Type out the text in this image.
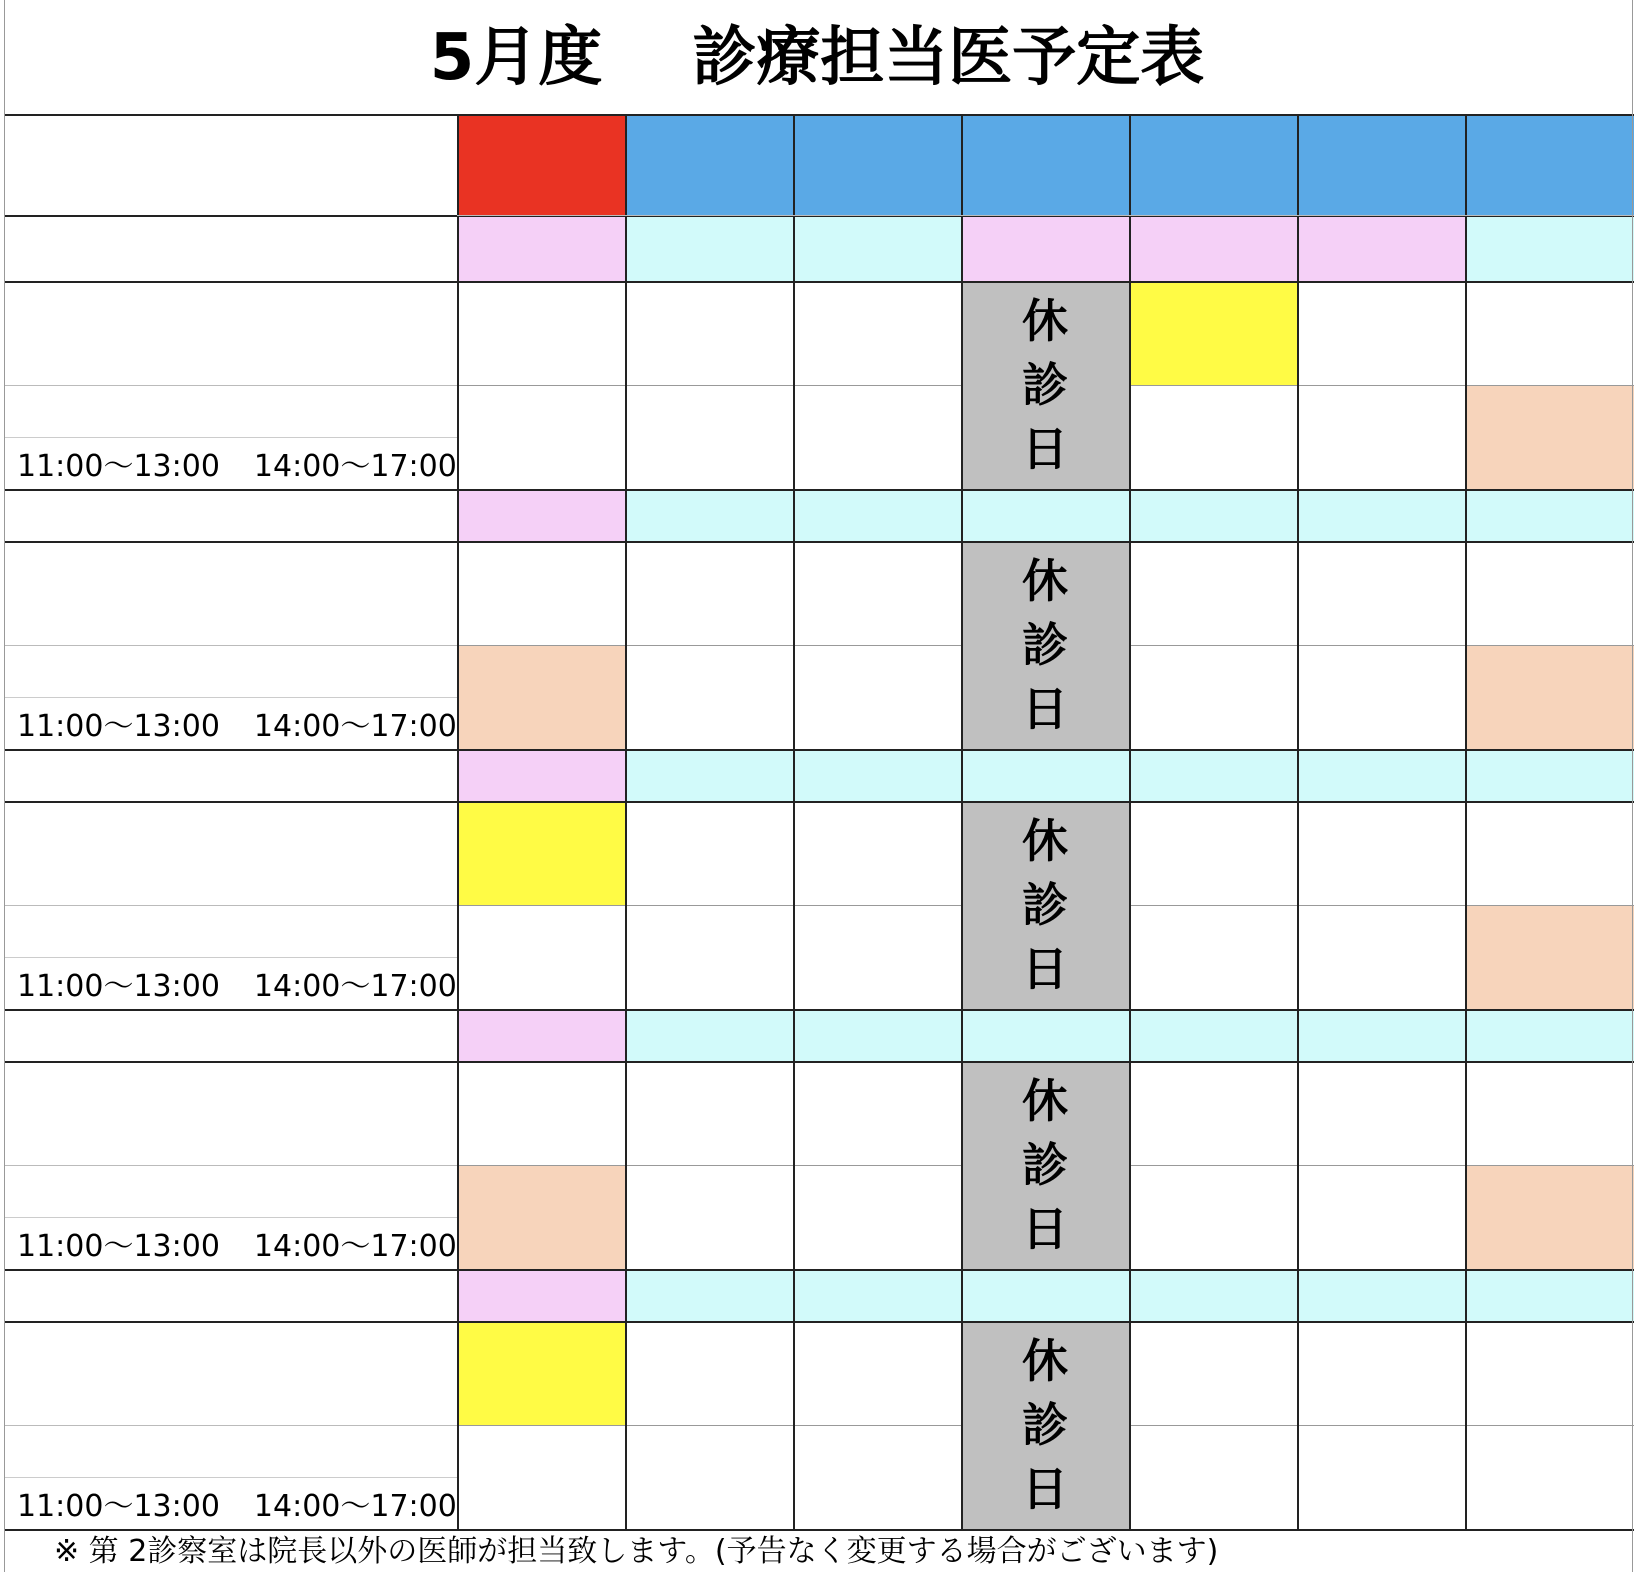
5月度 診療担当医予定表
11:00〜13:00 14:00〜17:00
休
診
日
11:00〜13:00 14:00〜17:00
休
診
日
11:00〜13:00 14:00〜17:00
休
診
日
11:00〜13:00 14:00〜17:00
休
診
日
11:00〜13:00 14:00〜17:00
休
診
日
※ 第 2診察室は院長以外の医師が担当致します。(予告なく変更する場合がございます)
